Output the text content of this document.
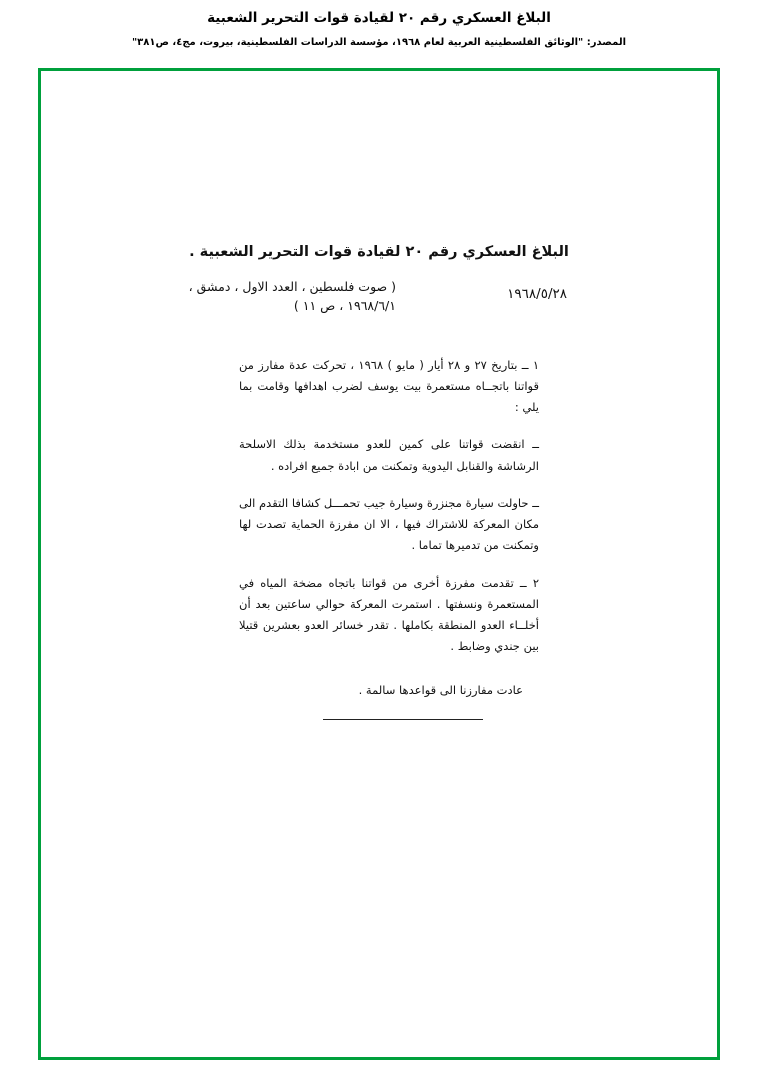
البلاغ العسكري رقم ٢٠ لقيادة قوات التحرير الشعبية
المصدر: "الوثائق الفلسطينية العربية لعام ١٩٦٨، مؤسسة الدراسات الفلسطينية، بيروت، مج٤، ص٣٨١"
البلاغ العسكري رقم ٢٠ لقيادة قوات التحرير الشعبية .
١٩٦٨/٥/٢٨
( صوت فلسطين ، العدد الاول ، دمشق ،
١٩٦٨/٦/١ ، ص ١١ )

١ ــ بتاريخ ٢٧ و ٢٨ أيار ( مايو ) ١٩٦٨ ، تحركت عدة مفارز من قواتنا باتجــاه مستعمرة بيت يوسف لضرب اهدافها وقامت بما يلي :

ــ انقضت قواتنا على كمين للعدو مستخدمة بذلك الاسلحة الرشاشة والقنابل اليدوية وتمكنت من ابادة جميع افراده .

ــ حاولت سيارة مجنزرة وسيارة جيب تحمـــل كشافا التقدم الى مكان المعركة للاشتراك فيها ، الا ان مفرزة الحماية تصدت لها وتمكنت من تدميرها تماما .

٢ ــ تقدمت مفرزة أخرى من قواتنا باتجاه مضخة المياه في المستعمرة ونسفتها . استمرت المعركة حوالي ساعتين بعد أن أخلــاء العدو المنطقة بكاملها . تقدر خسائر العدو بعشرين قتيلا بين جندي وضابط .

عادت مفارزنا الى قواعدها سالمة .
